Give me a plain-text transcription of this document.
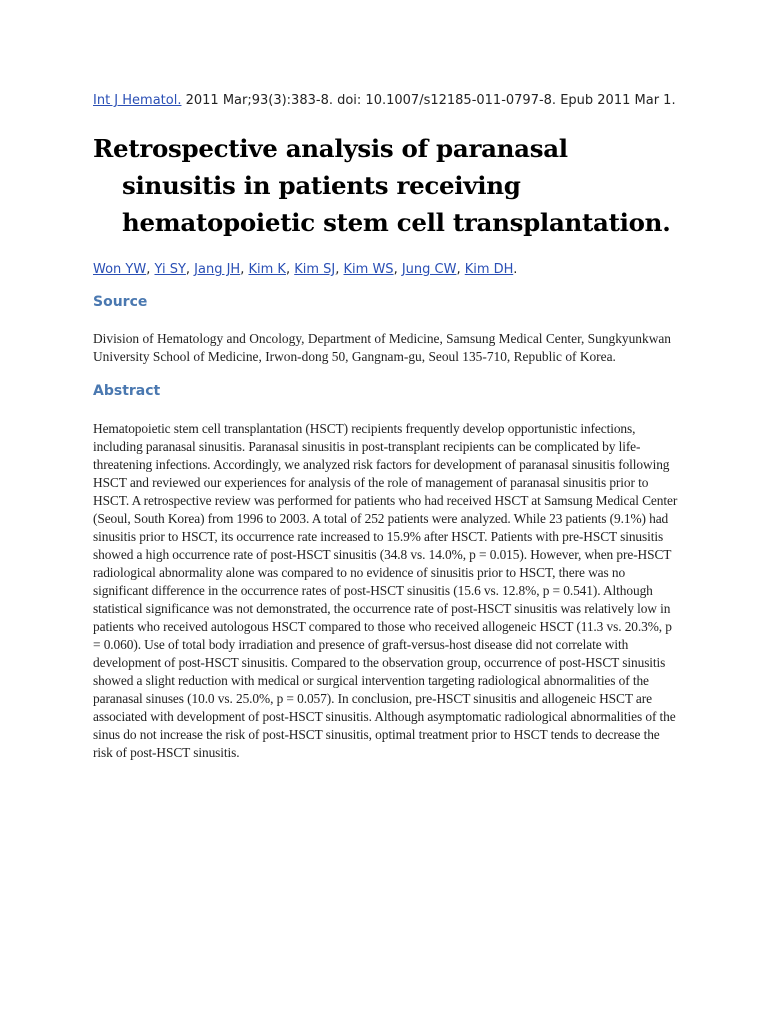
Int J Hematol. 2011 Mar;93(3):383-8. doi: 10.1007/s12185-011-0797-8. Epub 2011 Mar 1.

Retrospective analysis of paranasal sinusitis in patients receiving hematopoietic stem cell transplantation.

Won YW, Yi SY, Jang JH, Kim K, Kim SJ, Kim WS, Jung CW, Kim DH.

Source

Division of Hematology and Oncology, Department of Medicine, Samsung Medical Center, Sungkyunkwan University School of Medicine, Irwon-dong 50, Gangnam-gu, Seoul 135-710, Republic of Korea.

Abstract

Hematopoietic stem cell transplantation (HSCT) recipients frequently develop opportunistic infections, including paranasal sinusitis. Paranasal sinusitis in post-transplant recipients can be complicated by life-threatening infections. Accordingly, we analyzed risk factors for development of paranasal sinusitis following HSCT and reviewed our experiences for analysis of the role of management of paranasal sinusitis prior to HSCT. A retrospective review was performed for patients who had received HSCT at Samsung Medical Center (Seoul, South Korea) from 1996 to 2003. A total of 252 patients were analyzed. While 23 patients (9.1%) had sinusitis prior to HSCT, its occurrence rate increased to 15.9% after HSCT. Patients with pre-HSCT sinusitis showed a high occurrence rate of post-HSCT sinusitis (34.8 vs. 14.0%, p = 0.015). However, when pre-HSCT radiological abnormality alone was compared to no evidence of sinusitis prior to HSCT, there was no significant difference in the occurrence rates of post-HSCT sinusitis (15.6 vs. 12.8%, p = 0.541). Although statistical significance was not demonstrated, the occurrence rate of post-HSCT sinusitis was relatively low in patients who received autologous HSCT compared to those who received allogeneic HSCT (11.3 vs. 20.3%, p = 0.060). Use of total body irradiation and presence of graft-versus-host disease did not correlate with development of post-HSCT sinusitis. Compared to the observation group, occurrence of post-HSCT sinusitis showed a slight reduction with medical or surgical intervention targeting radiological abnormalities of the paranasal sinuses (10.0 vs. 25.0%, p = 0.057). In conclusion, pre-HSCT sinusitis and allogeneic HSCT are associated with development of post-HSCT sinusitis. Although asymptomatic radiological abnormalities of the sinus do not increase the risk of post-HSCT sinusitis, optimal treatment prior to HSCT tends to decrease the risk of post-HSCT sinusitis.
